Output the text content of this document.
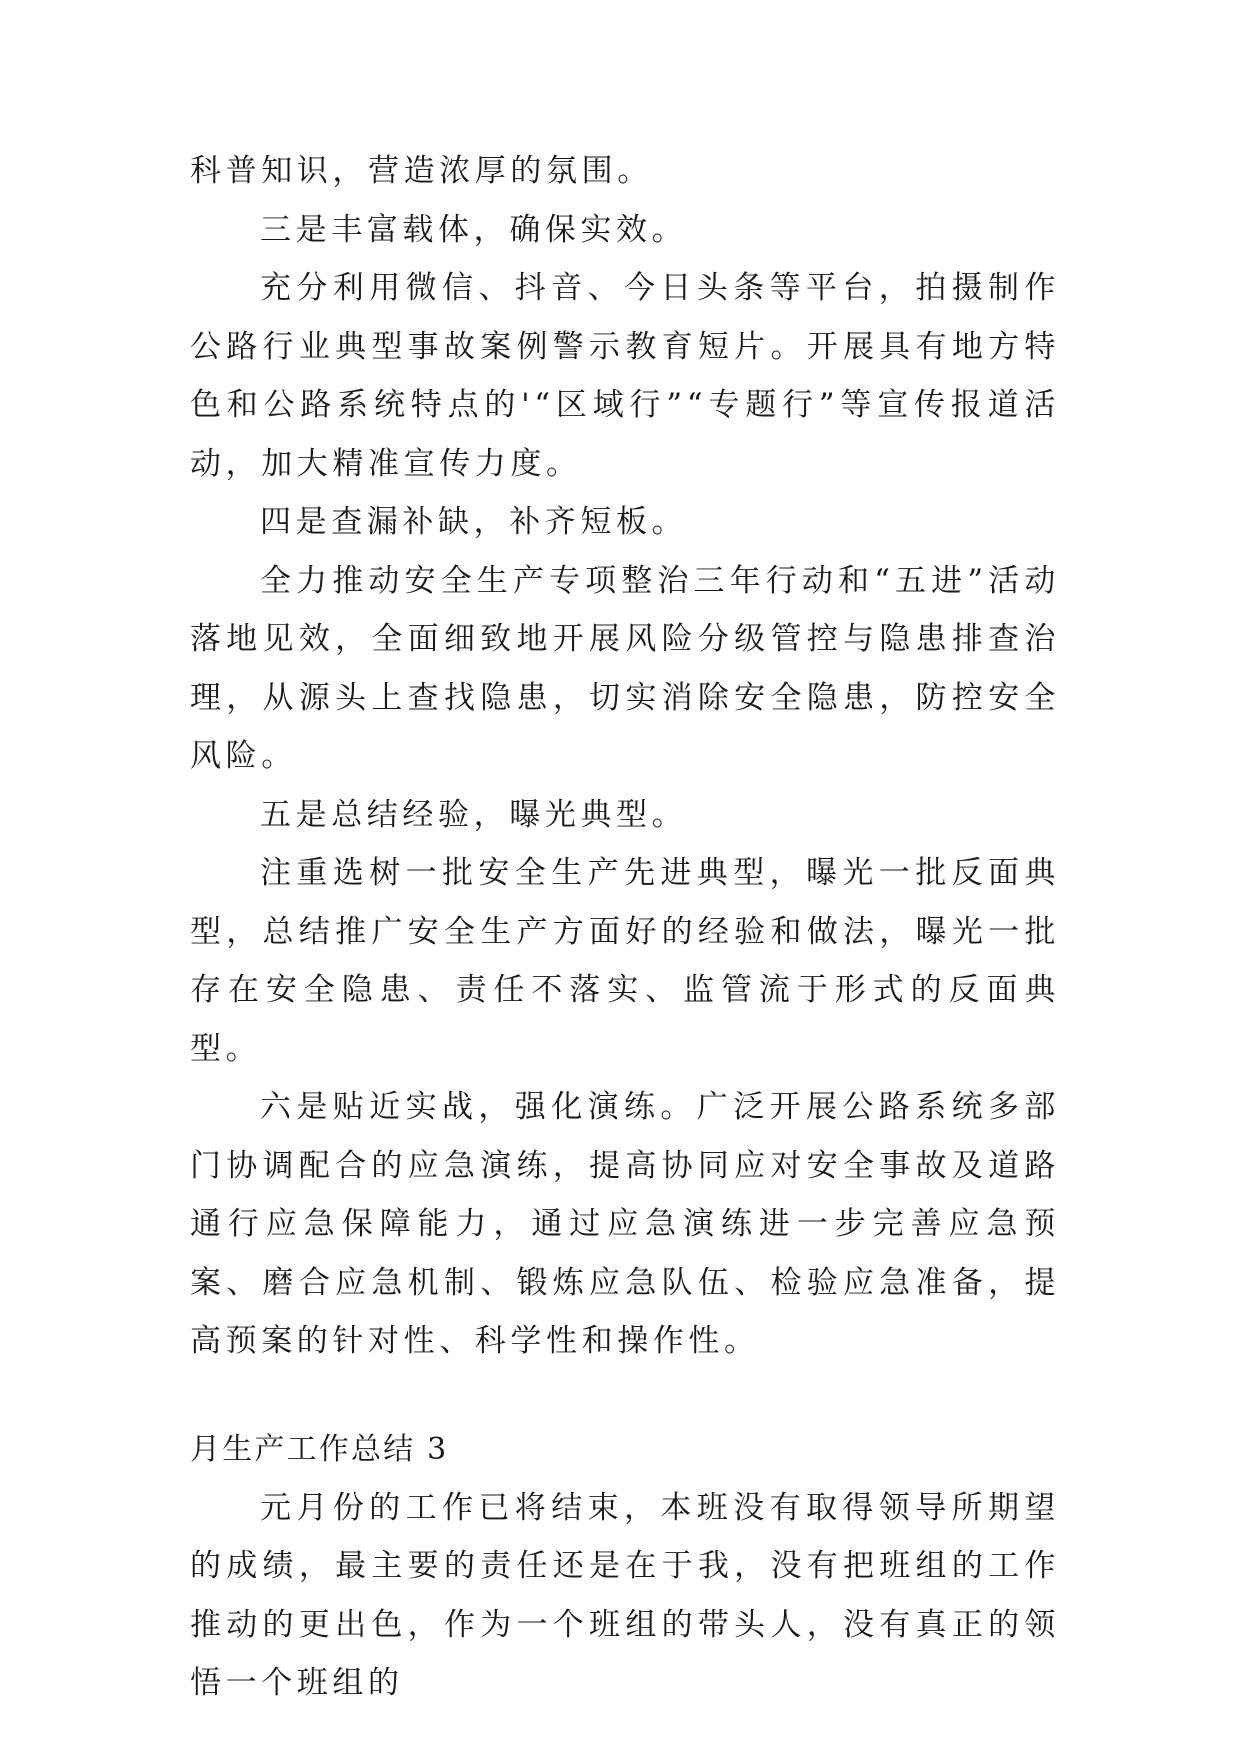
科普知识，营造浓厚的氛围。

三是丰富载体，确保实效。

充分利用微信、抖音、今日头条等平台，拍摄制作公路行业典型事故案例警示教育短片。开展具有地方特色和公路系统特点的'“区域行”“专题行”等宣传报道活动，加大精准宣传力度。

四是查漏补缺，补齐短板。

全力推动安全生产专项整治三年行动和“五进”活动落地见效，全面细致地开展风险分级管控与隐患排查治理，从源头上查找隐患，切实消除安全隐患，防控安全风险。

五是总结经验，曝光典型。

注重选树一批安全生产先进典型，曝光一批反面典型，总结推广安全生产方面好的经验和做法，曝光一批存在安全隐患、责任不落实、监管流于形式的反面典型。

六是贴近实战，强化演练。广泛开展公路系统多部门协调配合的应急演练，提高协同应对安全事故及道路通行应急保障能力，通过应急演练进一步完善应急预案、磨合应急机制、锻炼应急队伍、检验应急准备，提高预案的针对性、科学性和操作性。

月生产工作总结 3

元月份的工作已将结束，本班没有取得领导所期望的成绩，最主要的责任还是在于我，没有把班组的工作推动的更出色，作为一个班组的带头人，没有真正的领悟一个班组的
